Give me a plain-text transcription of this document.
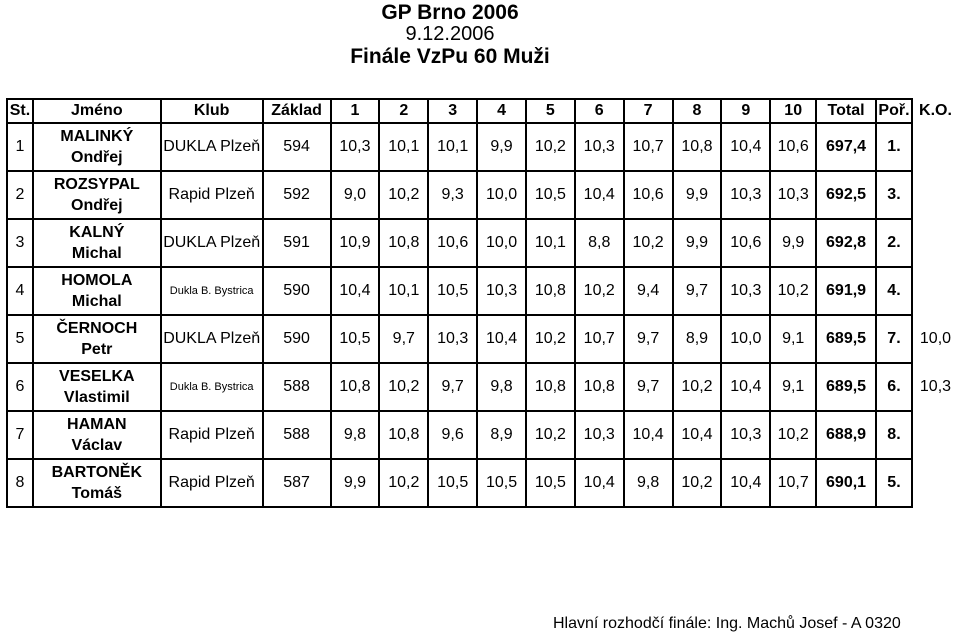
GP Brno 2006
9.12.2006
Finále VzPu 60 Muži
St.	Jméno	Klub	Základ	1	2	3	4	5	6	7	8	9	10	Total	Poř.	K.O.
1	MALINKÝ
Ondřej	DUKLA Plzeň	594	10,3	10,1	10,1	9,9	10,2	10,3	10,7	10,8	10,4	10,6	697,4	1.	
2	ROZSYPAL
Ondřej	Rapid Plzeň	592	9,0	10,2	9,3	10,0	10,5	10,4	10,6	9,9	10,3	10,3	692,5	3.	
3	KALNÝ
Michal	DUKLA Plzeň	591	10,9	10,8	10,6	10,0	10,1	8,8	10,2	9,9	10,6	9,9	692,8	2.	
4	HOMOLA
Michal	Dukla B. Bystrica	590	10,4	10,1	10,5	10,3	10,8	10,2	9,4	9,7	10,3	10,2	691,9	4.	
5	ČERNOCH
Petr	DUKLA Plzeň	590	10,5	9,7	10,3	10,4	10,2	10,7	9,7	8,9	10,0	9,1	689,5	7.	10,0
6	VESELKA
Vlastimil	Dukla B. Bystrica	588	10,8	10,2	9,7	9,8	10,8	10,8	9,7	10,2	10,4	9,1	689,5	6.	10,3
7	HAMAN
Václav	Rapid Plzeň	588	9,8	10,8	9,6	8,9	10,2	10,3	10,4	10,4	10,3	10,2	688,9	8.	
8	BARTONĚK
Tomáš	Rapid Plzeň	587	9,9	10,2	10,5	10,5	10,5	10,4	9,8	10,2	10,4	10,7	690,1	5.	
Hlavní rozhodčí finále: Ing. Machů Josef - A 0320
